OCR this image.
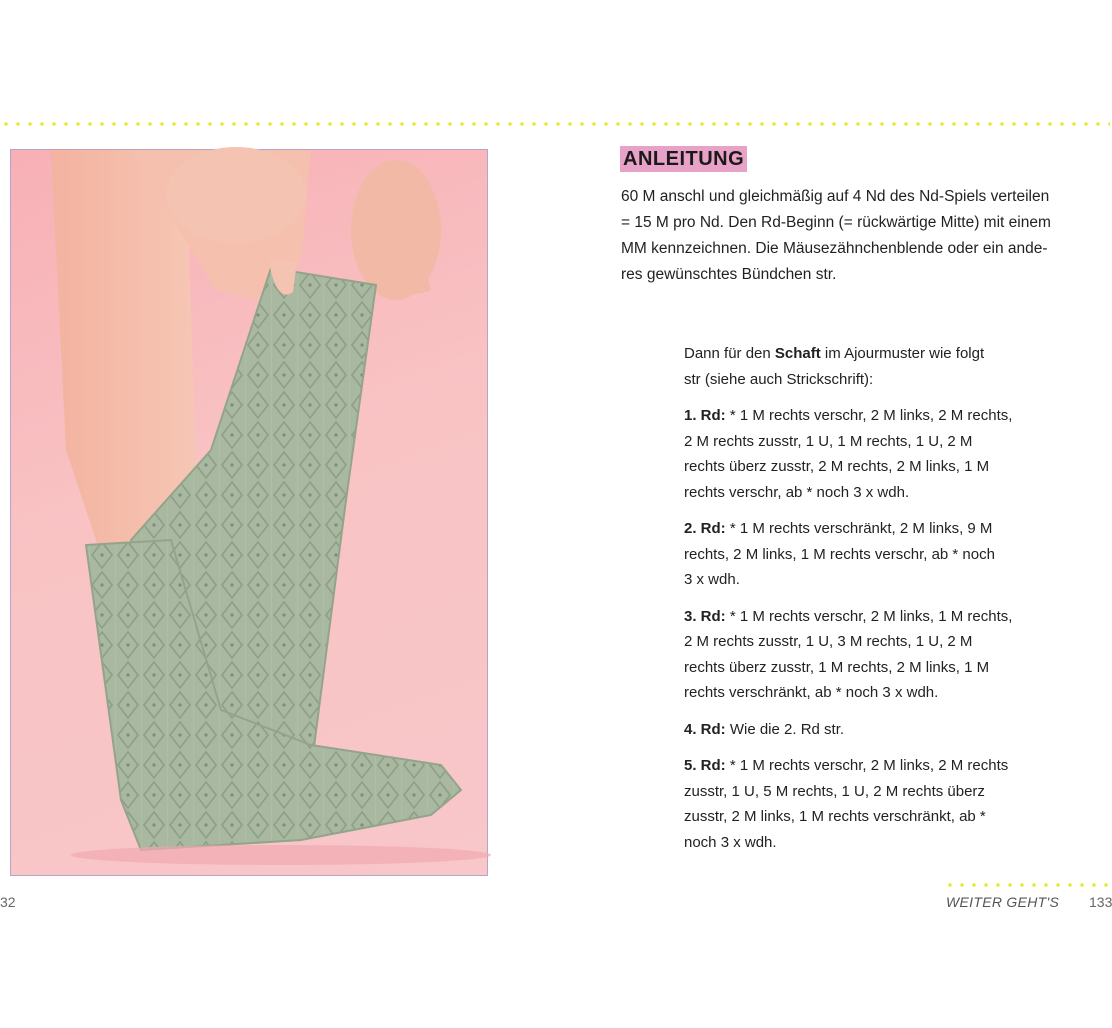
ANLEITUNG
60 M anschl und gleichmäßig auf 4 Nd des Nd-Spiels verteilen
= 15 M pro Nd. Den Rd-Beginn (= rückwärtige Mitte) mit einem
MM kennzeichnen. Die Mäusezähnchenblende oder ein ande-
res gewünschtes Bündchen str.

Dann für den Schaft im Ajourmuster wie folgt
str (siehe auch Strickschrift):

1. Rd: * 1 M rechts verschr, 2 M links, 2 M rechts,
2 M rechts zusstr, 1 U, 1 M rechts, 1 U, 2 M
rechts überz zusstr, 2 M rechts, 2 M links, 1 M
rechts verschr, ab * noch 3 x wdh.

2. Rd: * 1 M rechts verschränkt, 2 M links, 9 M
rechts, 2 M links, 1 M rechts verschr, ab * noch
3 x wdh.

3. Rd: * 1 M rechts verschr, 2 M links, 1 M rechts,
2 M rechts zusstr, 1 U, 3 M rechts, 1 U, 2 M
rechts überz zusstr, 1 M rechts, 2 M links, 1 M
rechts verschränkt, ab * noch 3 x wdh.

4. Rd: Wie die 2. Rd str.

5. Rd: * 1 M rechts verschr, 2 M links, 2 M rechts
zusstr, 1 U, 5 M rechts, 1 U, 2 M rechts überz
zusstr, 2 M links, 1 M rechts verschränkt, ab *
noch 3 x wdh.

32	WEITER GEHT'S 133
